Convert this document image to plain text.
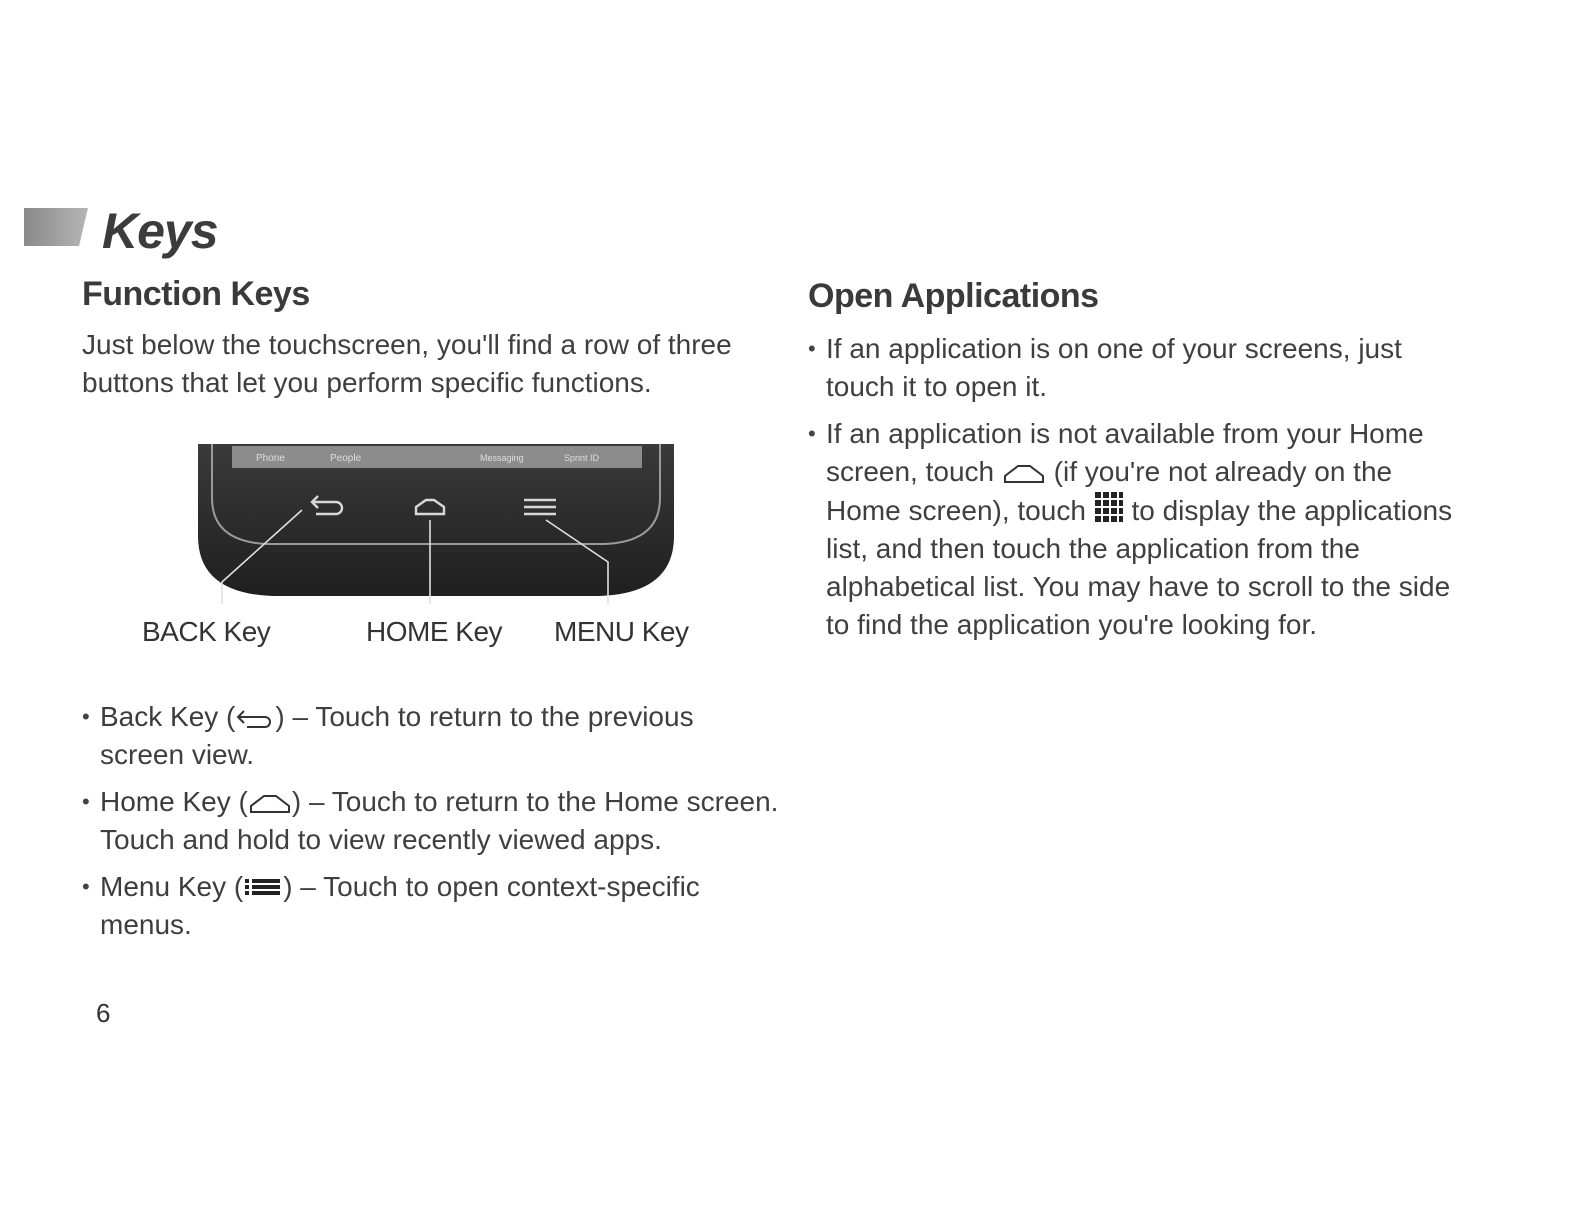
Keys
Function Keys
Just below the touchscreen, you'll find a row of three buttons that let you perform specific functions.
Phone	People	Messaging	Sprint ID
BACK Key	HOME Key MENU Key
• Back Key ( ) – Touch to return to the previous screen view.
• Home Key ( ) – Touch to return to the Home screen. Touch and hold to view recently viewed apps.
• Menu Key ( ) – Touch to open context-specific menus.
Open Applications
• If an application is on one of your screens, just touch it to open it.
• If an application is not available from your Home screen, touch (if you're not already on the Home screen), touch to display the applications list, and then touch the application from the alphabetical list. You may have to scroll to the side to find the application you're looking for.
6
